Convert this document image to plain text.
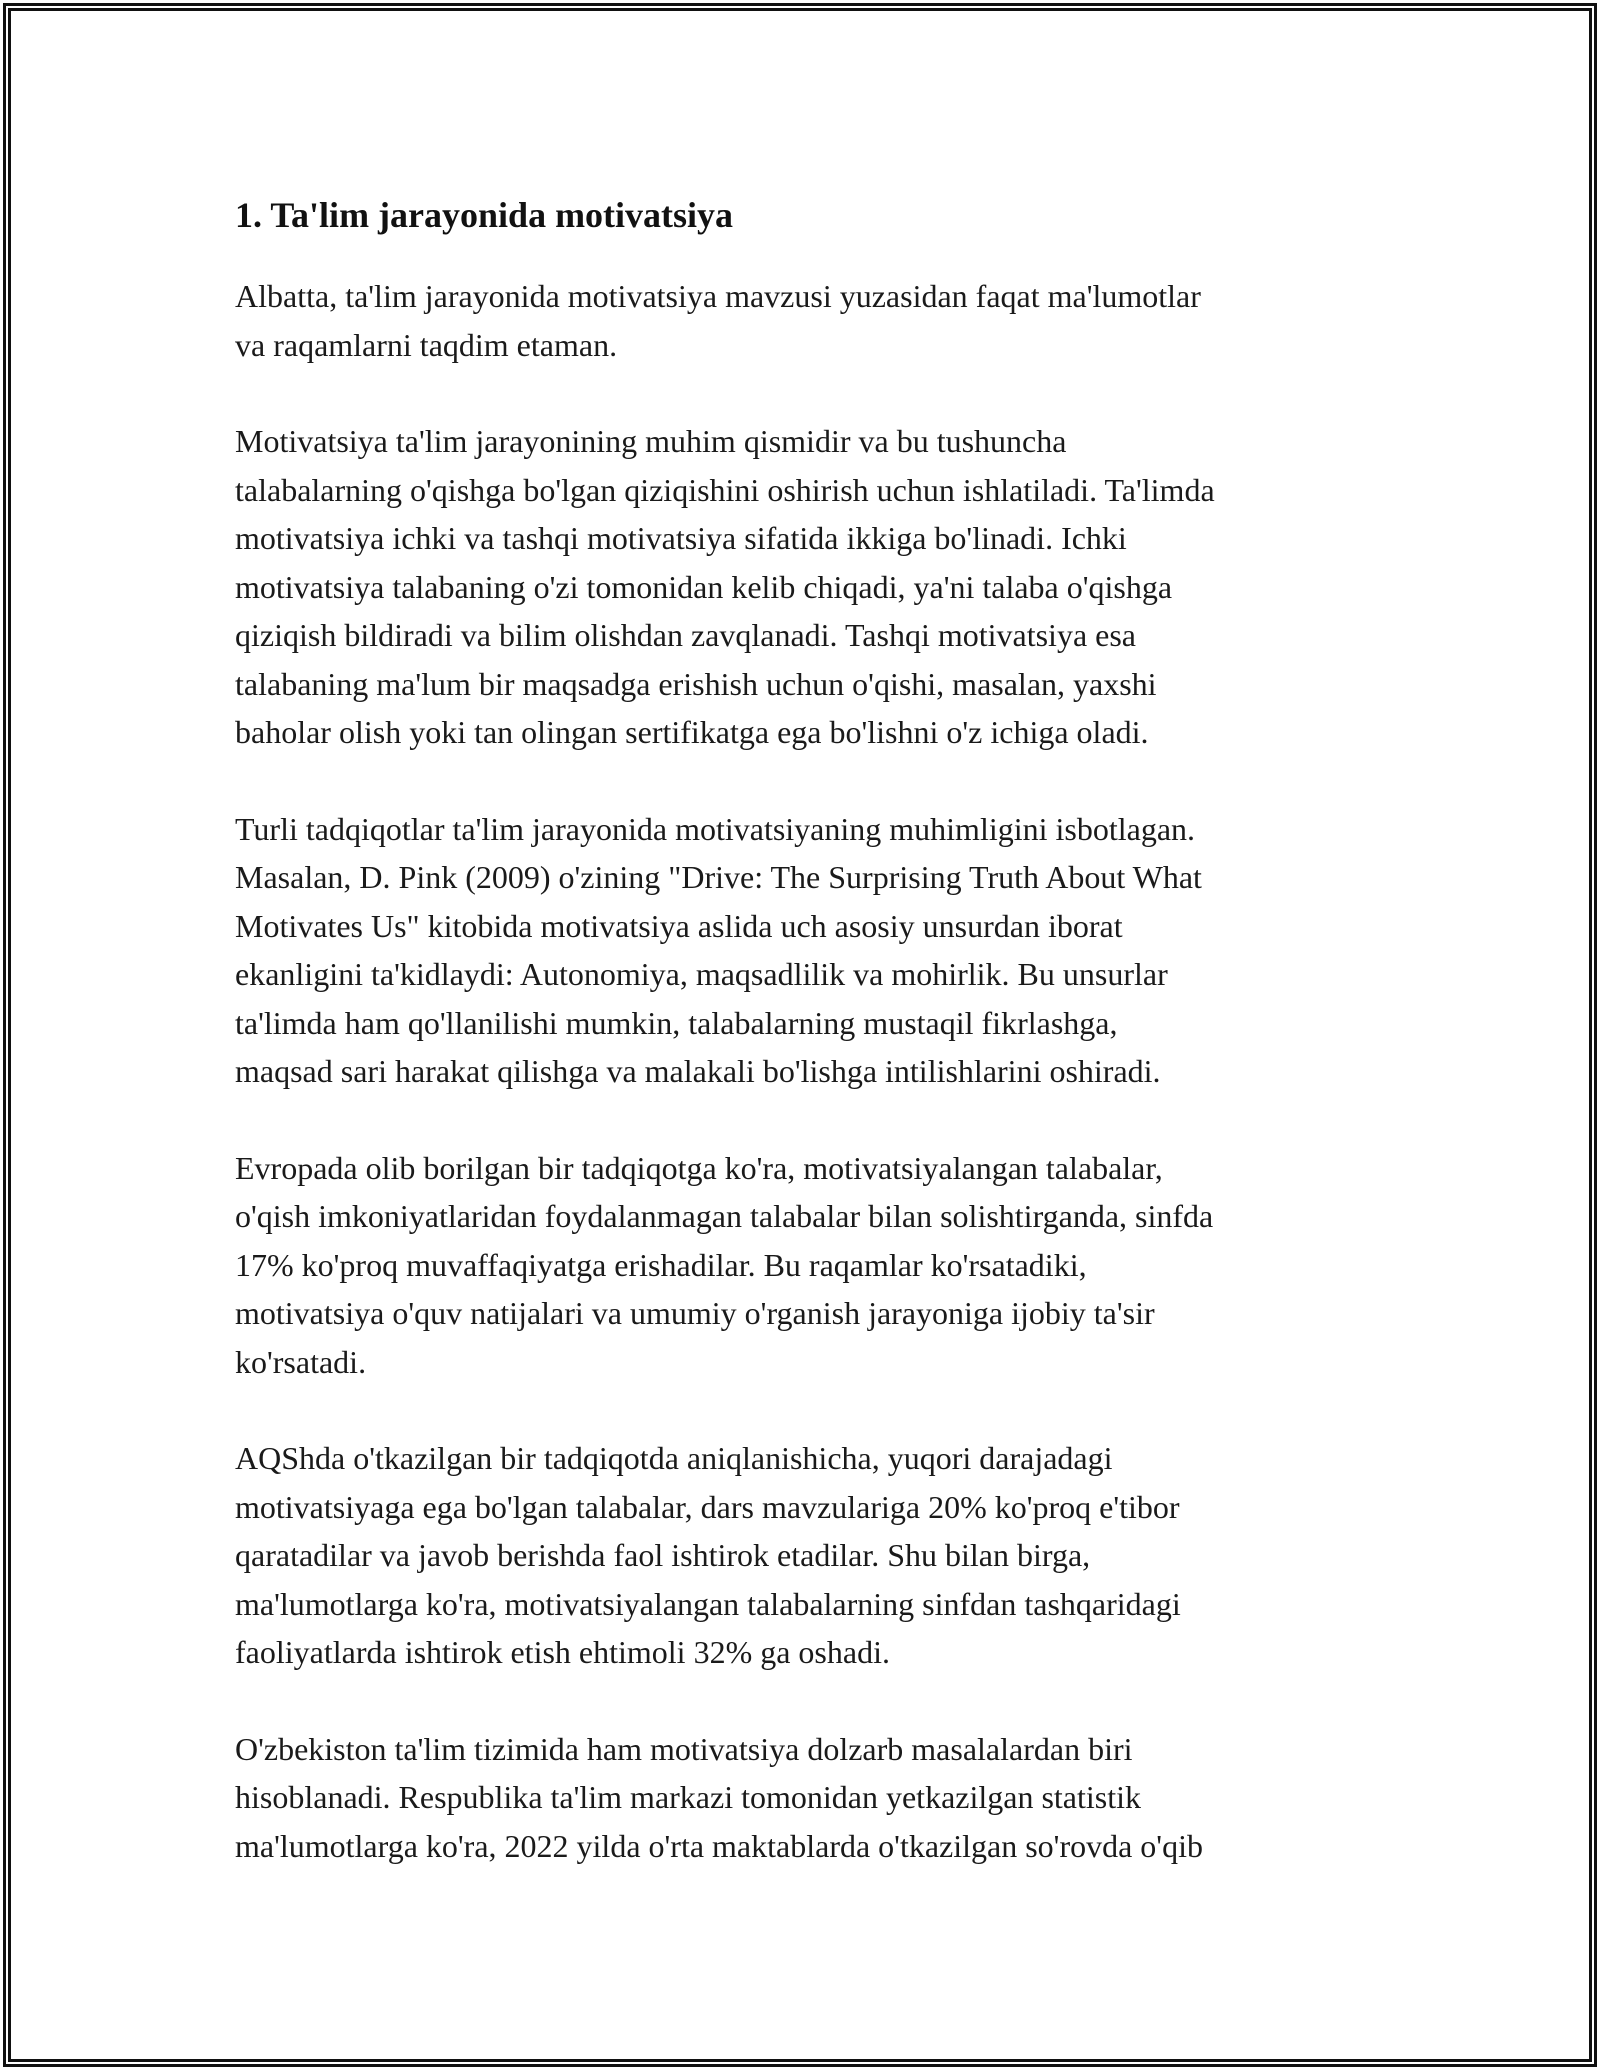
1. Ta'lim jarayonida motivatsiya

Albatta, ta'lim jarayonida motivatsiya mavzusi yuzasidan faqat ma'lumotlar
va raqamlarni taqdim etaman.

Motivatsiya ta'lim jarayonining muhim qismidir va bu tushuncha
talabalarning o'qishga bo'lgan qiziqishini oshirish uchun ishlatiladi. Ta'limda
motivatsiya ichki va tashqi motivatsiya sifatida ikkiga bo'linadi. Ichki
motivatsiya talabaning o'zi tomonidan kelib chiqadi, ya'ni talaba o'qishga
qiziqish bildiradi va bilim olishdan zavqlanadi. Tashqi motivatsiya esa
talabaning ma'lum bir maqsadga erishish uchun o'qishi, masalan, yaxshi
baholar olish yoki tan olingan sertifikatga ega bo'lishni o'z ichiga oladi.

Turli tadqiqotlar ta'lim jarayonida motivatsiyaning muhimligini isbotlagan.
Masalan, D. Pink (2009) o'zining "Drive: The Surprising Truth About What
Motivates Us" kitobida motivatsiya aslida uch asosiy unsurdan iborat
ekanligini ta'kidlaydi: Autonomiya, maqsadlilik va mohirlik. Bu unsurlar
ta'limda ham qo'llanilishi mumkin, talabalarning mustaqil fikrlashga,
maqsad sari harakat qilishga va malakali bo'lishga intilishlarini oshiradi.

Evropada olib borilgan bir tadqiqotga ko'ra, motivatsiyalangan talabalar,
o'qish imkoniyatlaridan foydalanmagan talabalar bilan solishtirganda, sinfda
17% ko'proq muvaffaqiyatga erishadilar. Bu raqamlar ko'rsatadiki,
motivatsiya o'quv natijalari va umumiy o'rganish jarayoniga ijobiy ta'sir
ko'rsatadi.

AQShda o'tkazilgan bir tadqiqotda aniqlanishicha, yuqori darajadagi
motivatsiyaga ega bo'lgan talabalar, dars mavzulariga 20% ko'proq e'tibor
qaratadilar va javob berishda faol ishtirok etadilar. Shu bilan birga,
ma'lumotlarga ko'ra, motivatsiyalangan talabalarning sinfdan tashqaridagi
faoliyatlarda ishtirok etish ehtimoli 32% ga oshadi.

O'zbekiston ta'lim tizimida ham motivatsiya dolzarb masalalardan biri
hisoblanadi. Respublika ta'lim markazi tomonidan yetkazilgan statistik
ma'lumotlarga ko'ra, 2022 yilda o'rta maktablarda o'tkazilgan so'rovda o'qib
